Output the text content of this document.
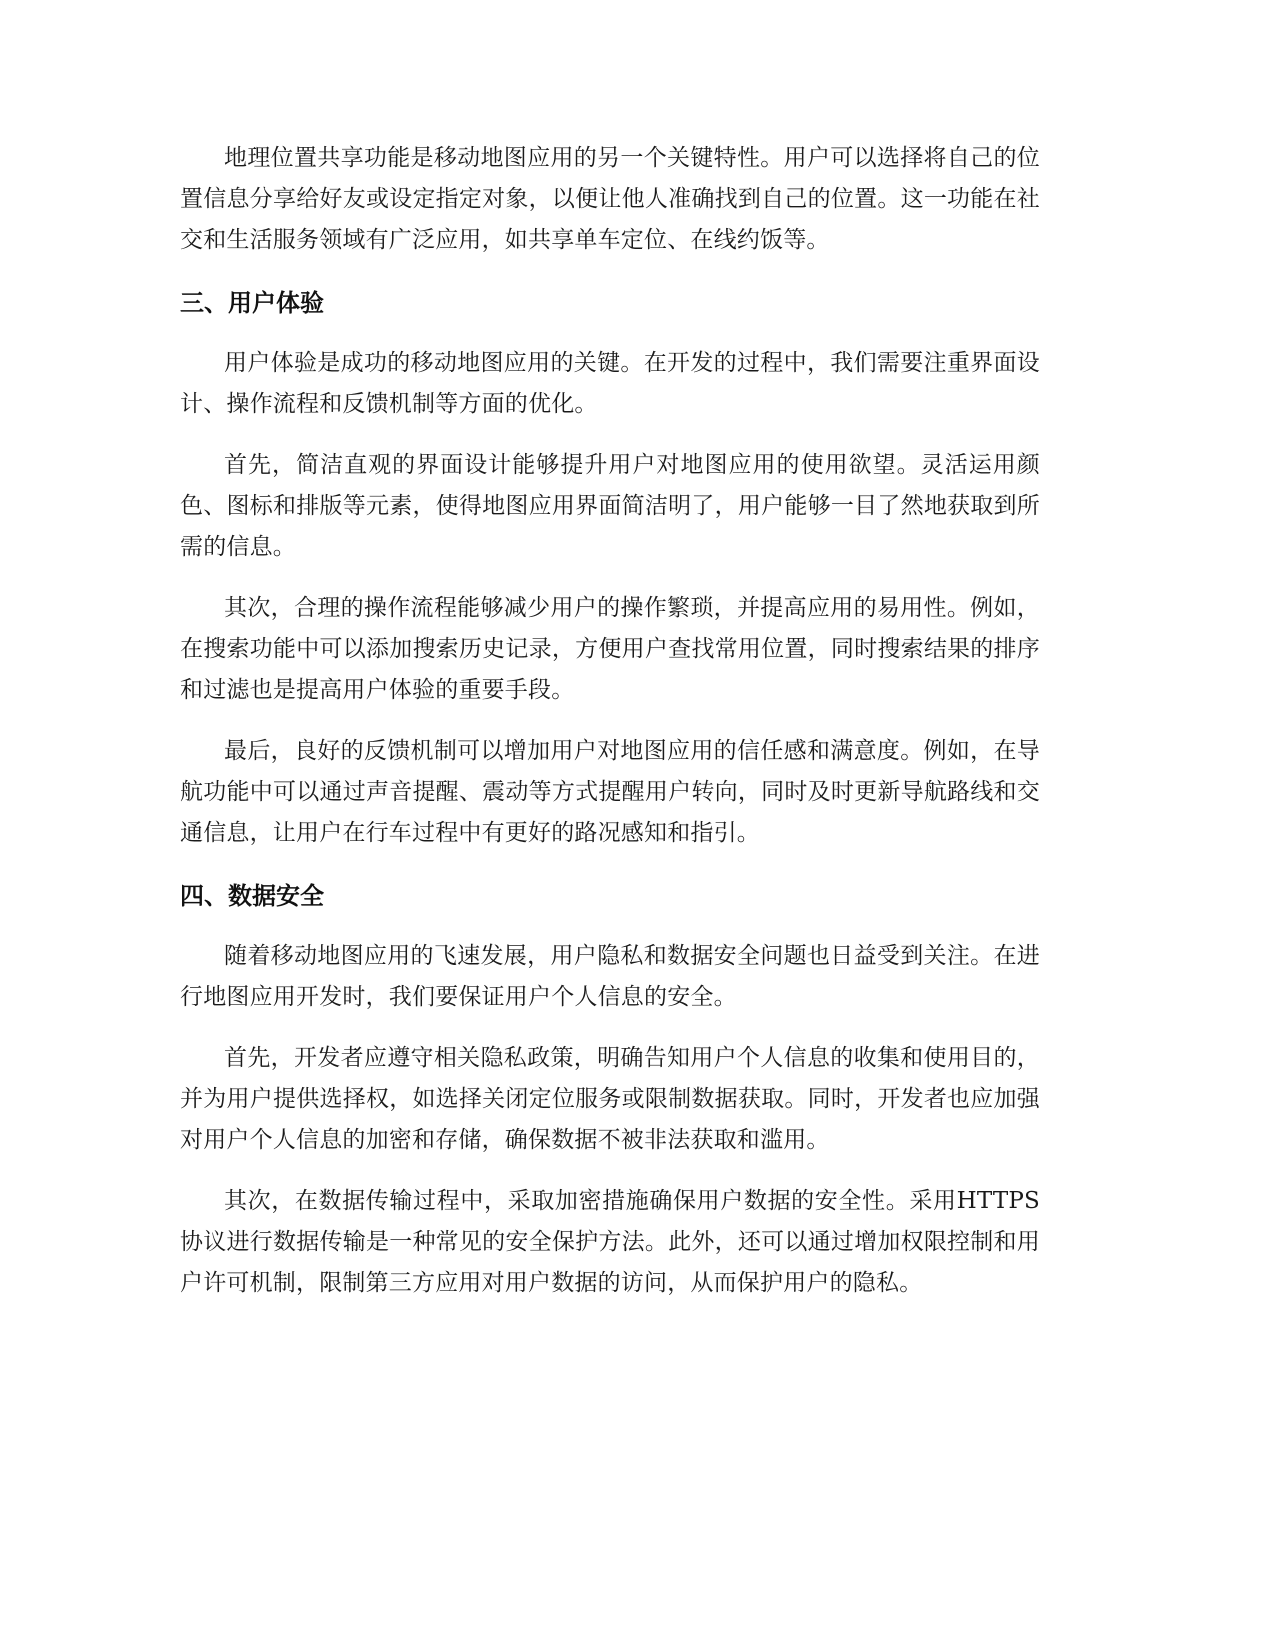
地理位置共享功能是移动地图应用的另一个关键特性。用户可以选择将自己的位置信息分享给好友或设定指定对象，以便让他人准确找到自己的位置。这一功能在社交和生活服务领域有广泛应用，如共享单车定位、在线约饭等。

三、用户体验

用户体验是成功的移动地图应用的关键。在开发的过程中，我们需要注重界面设计、操作流程和反馈机制等方面的优化。

首先，简洁直观的界面设计能够提升用户对地图应用的使用欲望。灵活运用颜色、图标和排版等元素，使得地图应用界面简洁明了，用户能够一目了然地获取到所需的信息。

其次，合理的操作流程能够减少用户的操作繁琐，并提高应用的易用性。例如，在搜索功能中可以添加搜索历史记录，方便用户查找常用位置，同时搜索结果的排序和过滤也是提高用户体验的重要手段。

最后，良好的反馈机制可以增加用户对地图应用的信任感和满意度。例如，在导航功能中可以通过声音提醒、震动等方式提醒用户转向，同时及时更新导航路线和交通信息，让用户在行车过程中有更好的路况感知和指引。

四、数据安全

随着移动地图应用的飞速发展，用户隐私和数据安全问题也日益受到关注。在进行地图应用开发时，我们要保证用户个人信息的安全。

首先，开发者应遵守相关隐私政策，明确告知用户个人信息的收集和使用目的，并为用户提供选择权，如选择关闭定位服务或限制数据获取。同时，开发者也应加强对用户个人信息的加密和存储，确保数据不被非法获取和滥用。

其次，在数据传输过程中，采取加密措施确保用户数据的安全性。采用HTTPS 协议进行数据传输是一种常见的安全保护方法。此外，还可以通过增加权限控制和用户许可机制，限制第三方应用对用户数据的访问，从而保护用户的隐私。
